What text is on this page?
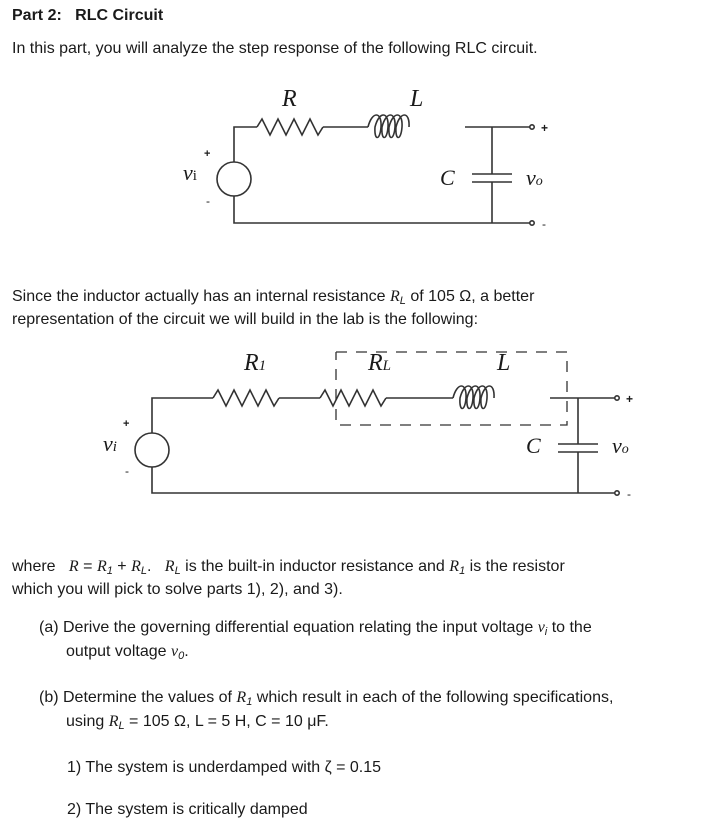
Part 2: RLC Circuit
In this part, you will analyze the step response of the following RLC circuit.
R	L
C
vi
+
-
vo
+
-
Since the inductor actually has an internal resistance $R_L$ of 105 Ω, a better
representation of the circuit we will build in the lab is the following:
R1	RL	L
C
vi
+
-
vo
+
-
where $R = R_1 + R_L$. $R_L$ is the built-in inductor resistance and $R_1$ is the resistor
which you will pick to solve parts 1), 2), and 3).
(a) Derive the governing differential equation relating the input voltage $v_i$ to the
output voltage $v_0$.
(b) Determine the values of $R_1$ which result in each of the following specifications,
using $R_L = 105$ Ω, L = 5 H, C = 10 μF.
1) The system is underdamped with ζ = 0.15
2) The system is critically damped
